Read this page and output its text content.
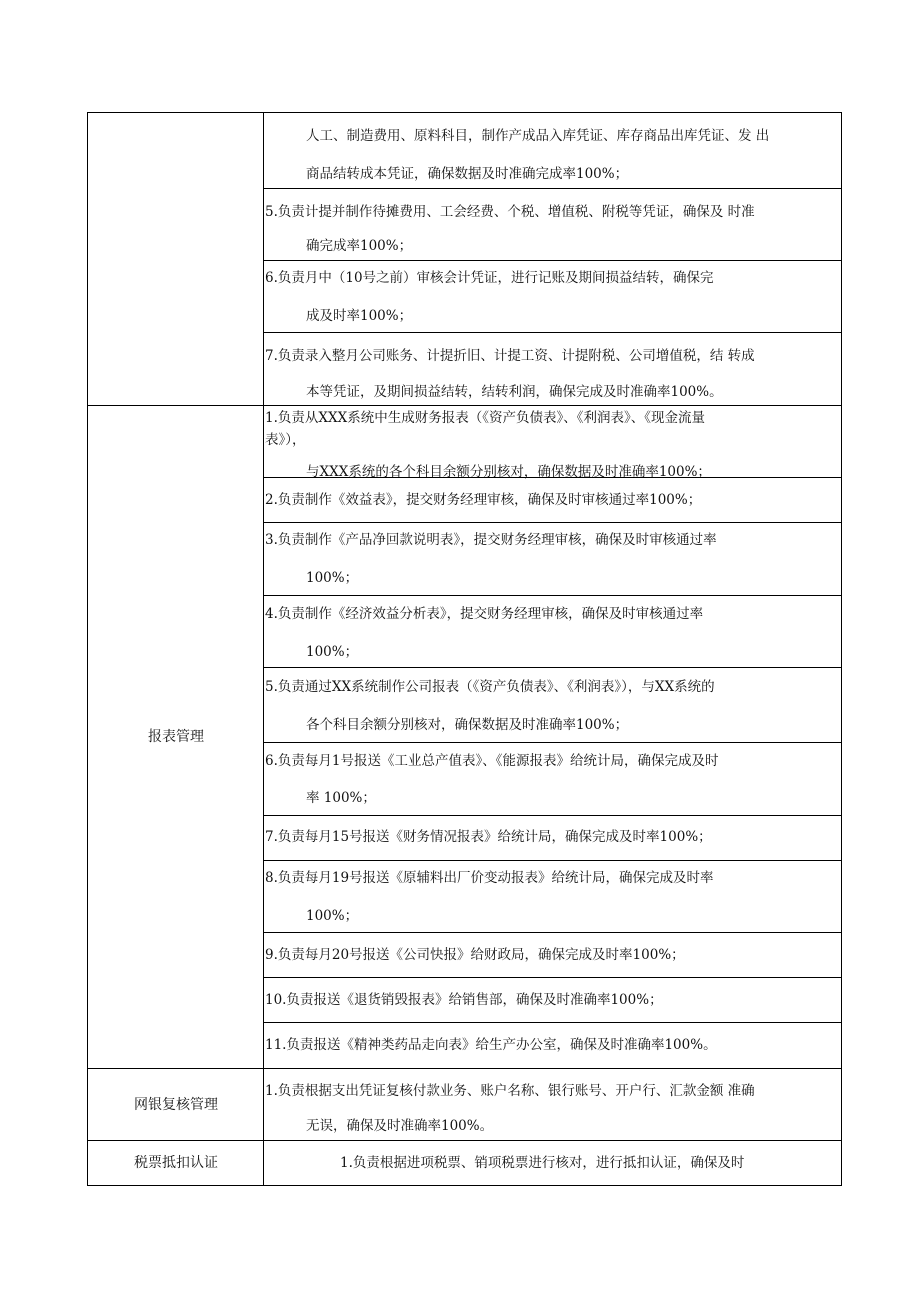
报表管理
网银复核管理
税票抵扣认证
人工、制造费用、原料科目，制作产成品入库凭证、库存商品出库凭证、发 出
商品结转成本凭证，确保数据及时准确完成率100%；
5.负责计提并制作待摊费用、工会经费、个税、增值税、附税等凭证，确保及 时准
确完成率100%；
6.负责月中（10号之前）审核会计凭证，进行记账及期间损益结转，确保完
成及时率100%；
7.负责录入整月公司账务、计提折旧、计提工资、计提附税、公司增值税，结 转成
本等凭证，及期间损益结转，结转利润，确保完成及时准确率100%。
1.负责从XXX系统中生成财务报表（《资产负债表》、《利润表》、《现金流量
表》），
与XXX系统的各个科目余额分别核对，确保数据及时准确率100%；
2.负责制作《效益表》，提交财务经理审核，确保及时审核通过率100%；
3.负责制作《产品净回款说明表》，提交财务经理审核，确保及时审核通过率
100%；
4.负责制作《经济效益分析表》，提交财务经理审核，确保及时审核通过率
100%；
5.负责通过XX系统制作公司报表（《资产负债表》、《利润表》），与XX系统的
各个科目余额分别核对，确保数据及时准确率100%；
6.负责每月1号报送《工业总产值表》、《能源报表》给统计局，确保完成及时
率 100%；
7.负责每月15号报送《财务情况报表》给统计局，确保完成及时率100%；
8.负责每月19号报送《原辅料出厂价变动报表》给统计局，确保完成及时率
100%；
9.负责每月20号报送《公司快报》给财政局，确保完成及时率100%；
10.负责报送《退货销毁报表》给销售部，确保及时准确率100%；
11.负责报送《精神类药品走向表》给生产办公室，确保及时准确率100%。
1.负责根据支出凭证复核付款业务、账户名称、银行账号、开户行、汇款金额 准确
无误，确保及时准确率100%。
1.负责根据进项税票、销项税票进行核对，进行抵扣认证，确保及时
